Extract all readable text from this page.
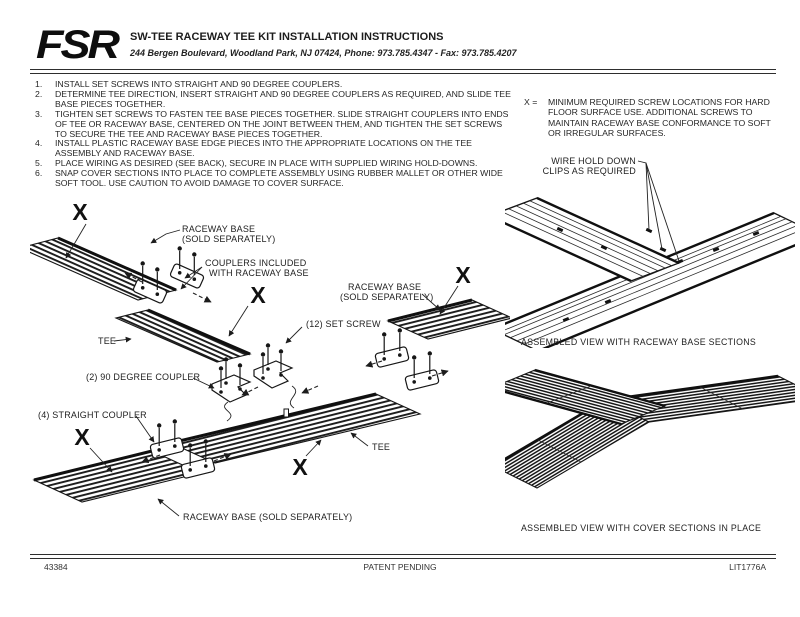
FSR SW-TEE RACEWAY TEE KIT INSTALLATION INSTRUCTIONS
244 Bergen Boulevard, Woodland Park, NJ 07424, Phone: 973.785.4347 - Fax: 973.785.4207
1.	INSTALL SET SCREWS INTO STRAIGHT AND 90 DEGREE COUPLERS.
2.	DETERMINE TEE DIRECTION, INSERT STRAIGHT AND 90 DEGREE COUPLERS AS REQUIRED, AND SLIDE TEE BASE PIECES TOGETHER.
3.	TIGHTEN SET SCREWS TO FASTEN TEE BASE PIECES TOGETHER. SLIDE STRAIGHT COUPLERS INTO ENDS OF TEE OR RACEWAY BASE, CENTERED ON THE JOINT BETWEEN THEM, AND TIGHTEN THE SET SCREWS TO SECURE THE TEE AND RACEWAY BASE PIECES TOGETHER.
4.	INSTALL PLASTIC RACEWAY BASE EDGE PIECES INTO THE APPROPRIATE LOCATIONS ON THE TEE ASSEMBLY AND RACEWAY BASE.
5.	PLACE WIRING AS DESIRED (SEE BACK), SECURE IN PLACE WITH SUPPLIED WIRING HOLD-DOWNS.
6.	SNAP COVER SECTIONS INTO PLACE TO COMPLETE ASSEMBLY USING RUBBER MALLET OR OTHER WIDE SOFT TOOL. USE CAUTION TO AVOID DAMAGE TO COVER SURFACE.
X =	MINIMUM REQUIRED SCREW LOCATIONS FOR HARD FLOOR SURFACE USE. ADDITIONAL SCREWS TO MAINTAIN RACEWAY BASE CONFORMANCE TO SOFT OR IRREGULAR SURFACES.
X
X
X
X
X
RACEWAY BASE
(SOLD SEPARATELY)
COUPLERS INCLUDED
WITH RACEWAY BASE
RACEWAY BASE
(SOLD SEPARATELY)
(12) SET SCREW
TEE
(2) 90 DEGREE COUPLER
(4) STRAIGHT COUPLER
TEE
RACEWAY BASE (SOLD SEPARATELY)
WIRE HOLD DOWN
CLIPS AS REQUIRED
ASSEMBLED VIEW WITH RACEWAY BASE SECTIONS
ASSEMBLED VIEW WITH COVER SECTIONS IN PLACE
PATENT PENDING
43384	LIT1776A
